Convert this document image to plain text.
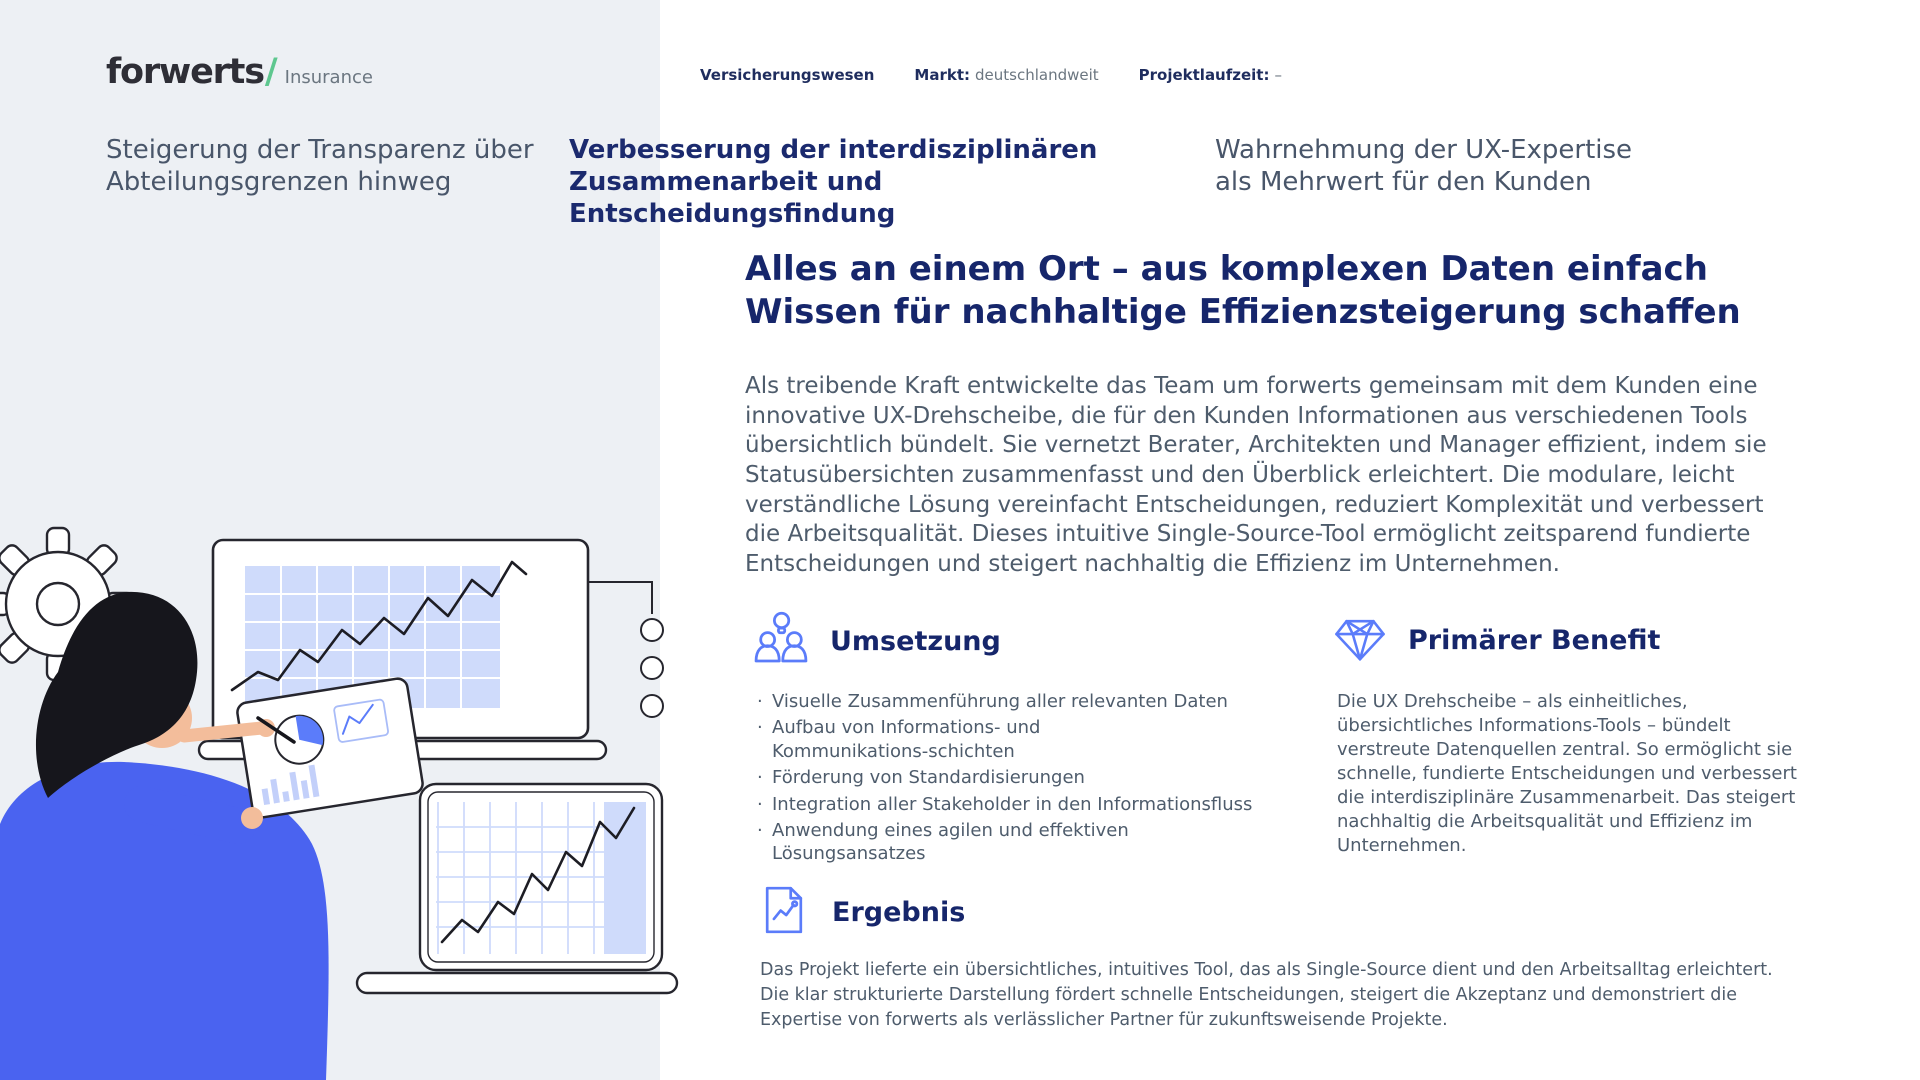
forwerts / Insurance	Versicherungswesen	Markt: deutschlandweit	Projektlaufzeit: –
Steigerung der Transparenz über Abteilungsgrenzen hinweg
Verbesserung der interdisziplinären Zusammenarbeit und Entscheidungsfindung
Wahrnehmung der UX-Expertise als Mehrwert für den Kunden
Alles an einem Ort – aus komplexen Daten einfach Wissen für nachhaltige Effizienzsteigerung schaffen
Als treibende Kraft entwickelte das Team um forwerts gemeinsam mit dem Kunden eine innovative UX-Drehscheibe, die für den Kunden Informationen aus verschiedenen Tools übersichtlich bündelt. Sie vernetzt Berater, Architekten und Manager effizient, indem sie Statusübersichten zusammenfasst und den Überblick erleichtert. Die modulare, leicht verständliche Lösung vereinfacht Entscheidungen, reduziert Komplexität und verbessert die Arbeitsqualität. Dieses intuitive Single-Source-Tool ermöglicht zeitsparend fundierte Entscheidungen und steigert nachhaltig die Effizienz im Unternehmen.
Umsetzung
· Visuelle Zusammenführung aller relevanten Daten
· Aufbau von Informations- und Kommunikations-schichten
· Förderung von Standardisierungen
· Integration aller Stakeholder in den Informationsfluss
· Anwendung eines agilen und effektiven Lösungsansatzes
Primärer Benefit
Die UX Drehscheibe – als einheitliches, übersichtliches Informations-Tools – bündelt verstreute Datenquellen zentral. So ermöglicht sie schnelle, fundierte Entscheidungen und verbessert die interdisziplinäre Zusammenarbeit. Das steigert nachhaltig die Arbeitsqualität und Effizienz im Unternehmen.
Ergebnis
Das Projekt lieferte ein übersichtliches, intuitives Tool, das als Single-Source dient und den Arbeitsalltag erleichtert. Die klar strukturierte Darstellung fördert schnelle Entscheidungen, steigert die Akzeptanz und demonstriert die Expertise von forwerts als verlässlicher Partner für zukunftsweisende Projekte.
